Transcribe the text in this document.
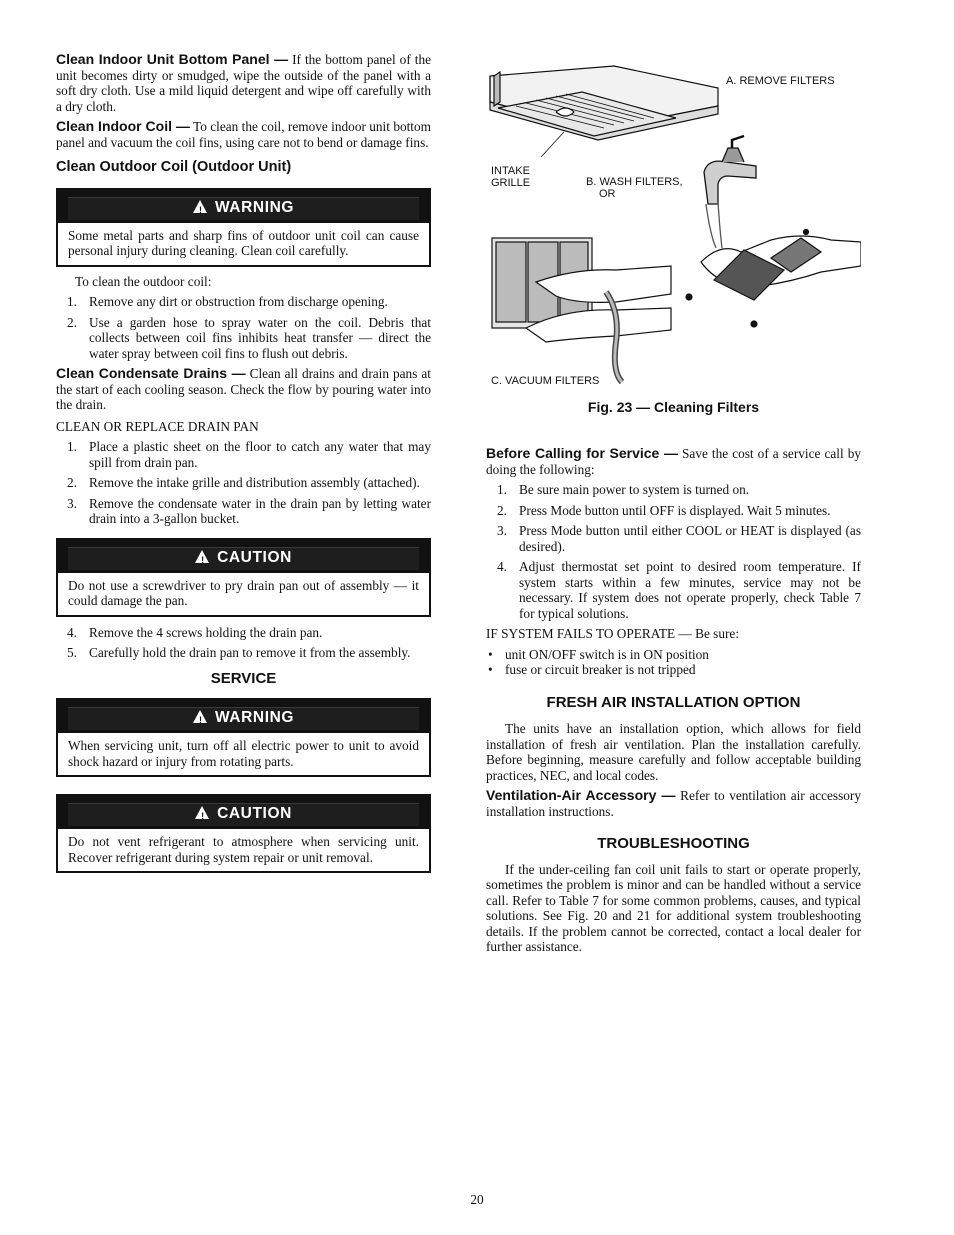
Clean Indoor Unit Bottom Panel — If the bottom panel of the unit becomes dirty or smudged, wipe the outside of the panel with a soft dry cloth. Use a mild liquid detergent and wipe off carefully with a dry cloth.

Clean Indoor Coil — To clean the coil, remove indoor unit bottom panel and vacuum the coil fins, using care not to bend or damage fins.

Clean Outdoor Coil (Outdoor Unit)
! WARNING
Some metal parts and sharp fins of outdoor unit coil can cause personal injury during cleaning. Clean coil carefully.

To clean the outdoor coil:

1. Remove any dirt or obstruction from discharge opening.
2. Use a garden hose to spray water on the coil. Debris that collects between coil fins inhibits heat transfer — direct the water spray between coil fins to flush out debris.

Clean Condensate Drains — Clean all drains and drain pans at the start of each cooling season. Check the flow by pouring water into the drain.

CLEAN OR REPLACE DRAIN PAN

1. Place a plastic sheet on the floor to catch any water that may spill from drain pan.
2. Remove the intake grille and distribution assembly (attached).
3. Remove the condensate water in the drain pan by letting water drain into a 3-gallon bucket.
! CAUTION
Do not use a screwdriver to pry drain pan out of assembly — it could damage the pan.
4. Remove the 4 screws holding the drain pan.
5. Carefully hold the drain pan to remove it from the assembly.
SERVICE
! WARNING
When servicing unit, turn off all electric power to unit to avoid shock hazard or injury from rotating parts.
! CAUTION
Do not vent refrigerant to atmosphere when servicing unit. Recover refrigerant during system repair or unit removal.
A. REMOVE FILTERS
INTAKE
GRILLE	B. WASH FILTERS,
OR
C. VACUUM FILTERS
Fig. 23 — Cleaning Filters

Before Calling for Service — Save the cost of a service call by doing the following:

1. Be sure main power to system is turned on.
2. Press Mode button until OFF is displayed. Wait 5 minutes.
3. Press Mode button until either COOL or HEAT is displayed (as desired).
4. Adjust thermostat set point to desired room temperature. If system starts within a few minutes, service may not be necessary. If system does not operate properly, check Table 7 for typical solutions.

IF SYSTEM FAILS TO OPERATE — Be sure:

• unit ON/OFF switch is in ON position
• fuse or circuit breaker is not tripped
FRESH AIR INSTALLATION OPTION

The units have an installation option, which allows for field installation of fresh air ventilation. Plan the installation carefully. Before beginning, measure carefully and follow acceptable building practices, NEC, and local codes.

Ventilation-Air Accessory — Refer to ventilation air accessory installation instructions.

TROUBLESHOOTING

If the under-ceiling fan coil unit fails to start or operate properly, sometimes the problem is minor and can be handled without a service call. Refer to Table 7 for some common problems, causes, and typical solutions. See Fig. 20 and 21 for additional system troubleshooting details. If the problem cannot be corrected, contact a local dealer for further assistance.

20
